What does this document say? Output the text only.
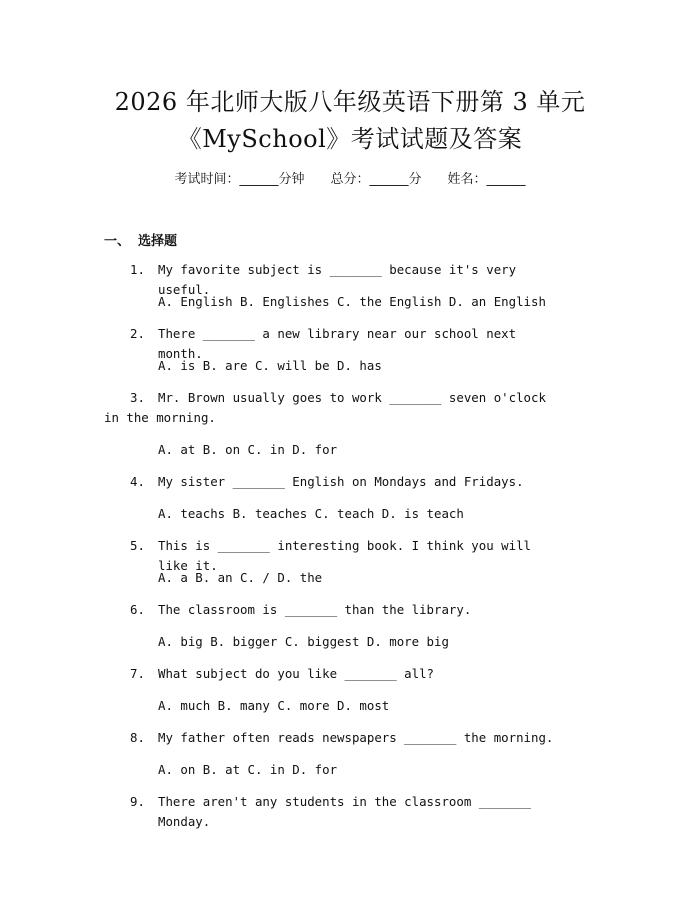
2026 年北师大版八年级英语下册第 3 单元
《MySchool》考试试题及答案
考试时间：______分钟 总分：______分 姓名：______
一、 选择题
1.	My favorite subject is _______ because it's very useful.
A. English B. Englishes C. the English D. an English
2.	There _______ a new library near our school next month.
A. is B. are C. will be D. has
3.	Mr. Brown usually goes to work _______ seven o'clock in the morning.
A. at B. on C. in D. for
4.	My sister _______ English on Mondays and Fridays.
A. teachs B. teaches C. teach D. is teach
5.	This is _______ interesting book. I think you will like it.
A. a B. an C. / D. the
6.	The classroom is _______ than the library.
A. big B. bigger C. biggest D. more big
7.	What subject do you like _______ all?
A. much B. many C. more D. most
8.	My father often reads newspapers _______ the morning.
A. on B. at C. in D. for
9.	There aren't any students in the classroom _______ Monday.
